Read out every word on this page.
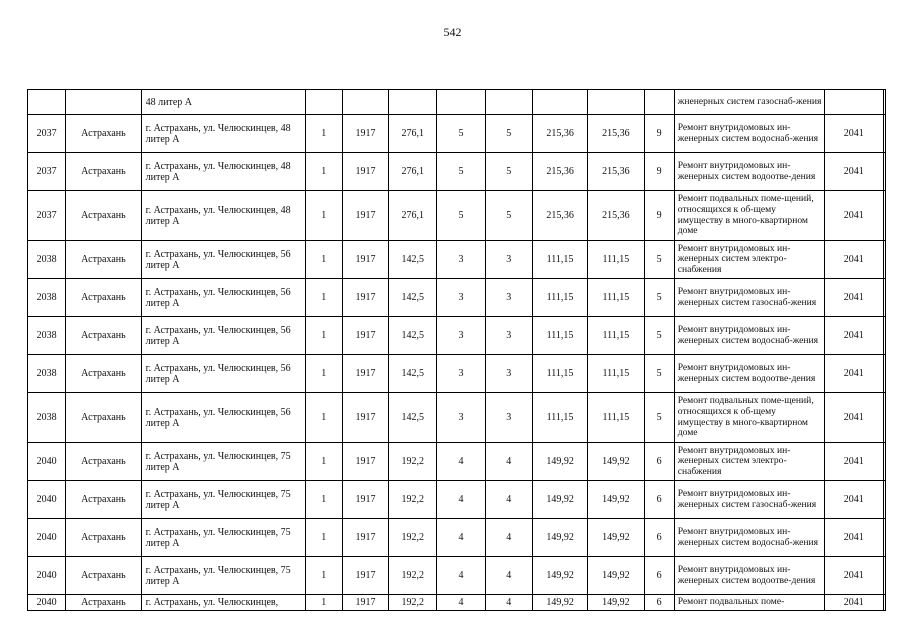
542
		48 литер А									жненерных систем газоснаб-жения		
2037	Астрахань	г. Астрахань, ул. Челюскинцев, 48 литер А	1	1917	276,1	5	5	215,36	215,36	9	Ремонт внутридомовых ин-женерных систем водоснаб-жения	2041	
2037	Астрахань	г. Астрахань, ул. Челюскинцев, 48 литер А	1	1917	276,1	5	5	215,36	215,36	9	Ремонт внутридомовых ин-женерных систем водоотве-дения	2041	
2037	Астрахань	г. Астрахань, ул. Челюскинцев, 48 литер А	1	1917	276,1	5	5	215,36	215,36	9	Ремонт подвальных поме-щений, относящихся к об-щему имуществу в много-квартирном доме	2041	
2038	Астрахань	г. Астрахань, ул. Челюскинцев, 56 литер А	1	1917	142,5	3	3	111,15	111,15	5	Ремонт внутридомовых ин-женерных систем электро-снабжения	2041	
2038	Астрахань	г. Астрахань, ул. Челюскинцев, 56 литер А	1	1917	142,5	3	3	111,15	111,15	5	Ремонт внутридомовых ин-женерных систем газоснаб-жения	2041	
2038	Астрахань	г. Астрахань, ул. Челюскинцев, 56 литер А	1	1917	142,5	3	3	111,15	111,15	5	Ремонт внутридомовых ин-женерных систем водоснаб-жения	2041	
2038	Астрахань	г. Астрахань, ул. Челюскинцев, 56 литер А	1	1917	142,5	3	3	111,15	111,15	5	Ремонт внутридомовых ин-женерных систем водоотве-дения	2041	
2038	Астрахань	г. Астрахань, ул. Челюскинцев, 56 литер А	1	1917	142,5	3	3	111,15	111,15	5	Ремонт подвальных поме-щений, относящихся к об-щему имуществу в много-квартирном доме	2041	
2040	Астрахань	г. Астрахань, ул. Челюскинцев, 75 литер А	1	1917	192,2	4	4	149,92	149,92	6	Ремонт внутридомовых ин-женерных систем электро-снабжения	2041	
2040	Астрахань	г. Астрахань, ул. Челюскинцев, 75 литер А	1	1917	192,2	4	4	149,92	149,92	6	Ремонт внутридомовых ин-женерных систем газоснаб-жения	2041	
2040	Астрахань	г. Астрахань, ул. Челюскинцев, 75 литер А	1	1917	192,2	4	4	149,92	149,92	6	Ремонт внутридомовых ин-женерных систем водоснаб-жения	2041	
2040	Астрахань	г. Астрахань, ул. Челюскинцев, 75 литер А	1	1917	192,2	4	4	149,92	149,92	6	Ремонт внутридомовых ин-женерных систем водоотве-дения	2041	
2040	Астрахань	г. Астрахань, ул. Челюскинцев,	1	1917	192,2	4	4	149,92	149,92	6	Ремонт подвальных поме-	2041	
